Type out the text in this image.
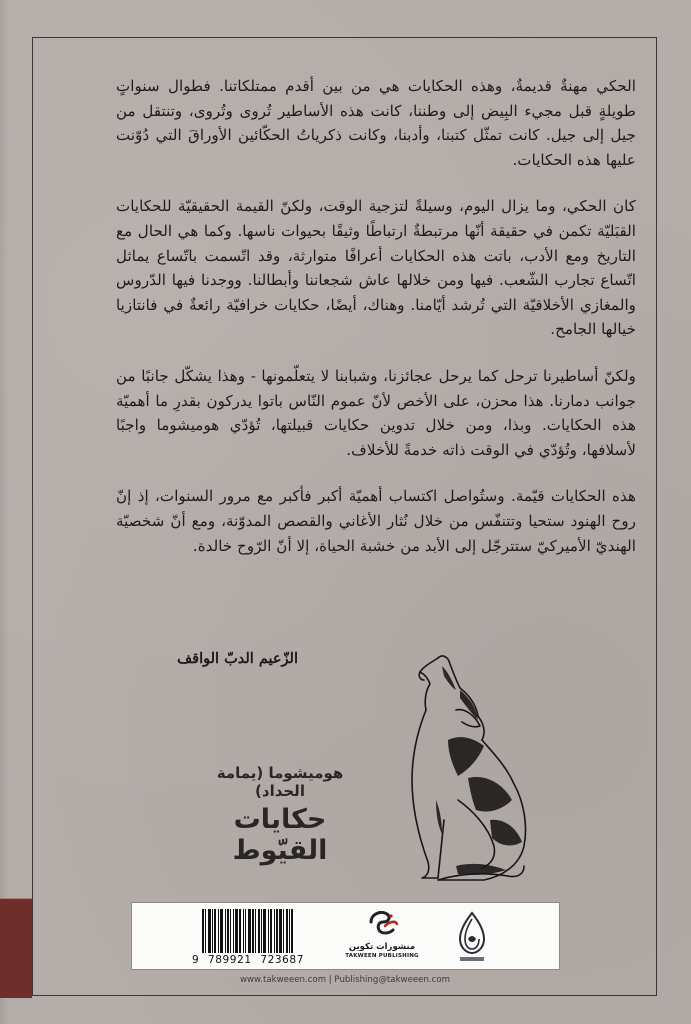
الحكي مهنةٌ قديمةٌ، وهذه الحكايات هي من بين أقدم ممتلكاتنا. فطوال سنواتٍ طويلةٍ قبل مجيء البِيض إلى وطننا، كانت هذه الأساطير تُروى وتُروى، وتنتقل من جيل إلى جيل. كانت تمثّل كتبنا، وأدبنا، وكانت ذكرياتُ الحكّائين الأوراقَ التي دُوّنت عليها هذه الحكايات.

كان الحكي، وما يزال اليوم، وسيلةً لتزجية الوقت، ولكنّ القيمة الحقيقيّة للحكايات القبَليّة تكمن في حقيقة أنّها مرتبطةٌ ارتباطًا وثيقًا بحيوات ناسها. وكما هي الحال مع التاريخ ومع الأدب، باتت هذه الحكايات أعرافًا متوارثة، وقد اتّسمت باتّساع يماثل اتّساع تجارب الشّعب. فيها ومن خلالها عاش شجعاننا وأبطالنا. ووجدنا فيها الدّروس والمغازي الأخلاقيّة التي تُرشد أيّامنا. وهناك، أيضًا، حكايات خرافيّة رائعةٌ في فانتازيا خيالها الجامح.

ولكنّ أساطيرنا ترحل كما يرحل عجائزنا، وشبابنا لا يتعلّمونها - وهذا يشكّل جانبًا من جوانب دمارنا. هذا محزن، على الأخص لأنّ عموم النّاس باتوا يدركون بقدرِ ما أهميّة هذه الحكايات. وبذا، ومن خلال تدوين حكايات قبيلتها، تُؤدّي هوميشوما واجبًا لأسلافها، وتُؤدّي في الوقت ذاته خدمةً للأخلاف.

هذه الحكايات قيّمة. وستُواصل اكتساب أهميّة أكبر فأكبر مع مرور السنوات، إذ إنّ روح الهنود ستحيا وتتنفّس من خلال نُثار الأغاني والقصص المدوّنة، ومع أنّ شخصيّة الهنديّ الأميركيّ ستترجّل إلى الأبد من خشبة الحياة، إلا أنّ الرّوح خالدة.

الزّعيم الدبّ الواقف
هوميشوما (يمامة الحداد)
حكايات القيّوط
9 789921 723687
منشورات تكوين
TAKWEEN PUBLISHING
www.takweeen.com | Publishing@takweeen.com
